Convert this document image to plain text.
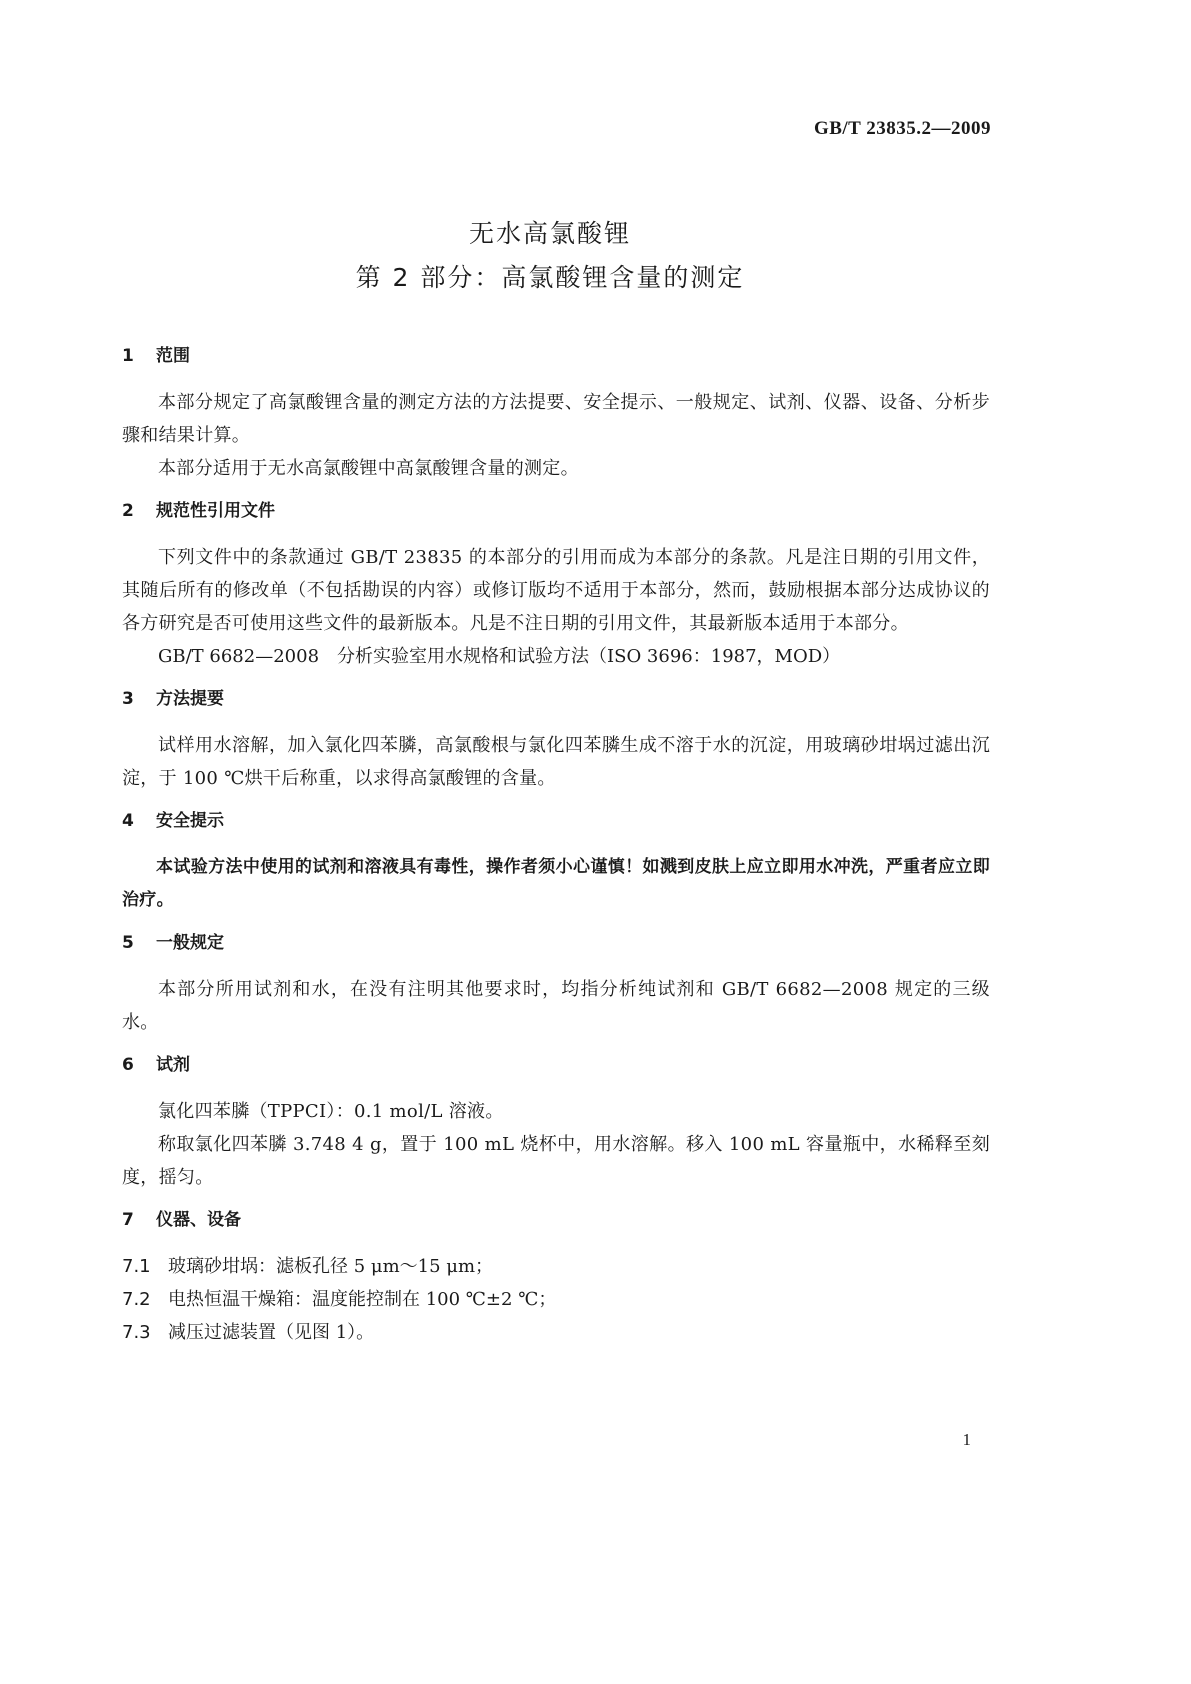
GB/T 23835.2—2009
无水高氯酸锂
第 2 部分：高氯酸锂含量的测定
1 范围

本部分规定了高氯酸锂含量的测定方法的方法提要、安全提示、一般规定、试剂、仪器、设备、分析步骤和结果计算。

本部分适用于无水高氯酸锂中高氯酸锂含量的测定。

2 规范性引用文件

下列文件中的条款通过 GB/T 23835 的本部分的引用而成为本部分的条款。凡是注日期的引用文件，其随后所有的修改单（不包括勘误的内容）或修订版均不适用于本部分，然而，鼓励根据本部分达成协议的各方研究是否可使用这些文件的最新版本。凡是不注日期的引用文件，其最新版本适用于本部分。

GB/T 6682—2008　分析实验室用水规格和试验方法（ISO 3696：1987，MOD）

3 方法提要

试样用水溶解，加入氯化四苯膦，高氯酸根与氯化四苯膦生成不溶于水的沉淀，用玻璃砂坩埚过滤出沉淀，于 100 ℃烘干后称重，以求得高氯酸锂的含量。

4 安全提示

本试验方法中使用的试剂和溶液具有毒性，操作者须小心谨慎！如溅到皮肤上应立即用水冲洗，严重者应立即治疗。

5 一般规定

本部分所用试剂和水，在没有注明其他要求时，均指分析纯试剂和 GB/T 6682—2008 规定的三级水。

6 试剂

氯化四苯膦（TPPCI）：0.1 mol/L 溶液。

称取氯化四苯膦 3.748 4 g，置于 100 mL 烧杯中，用水溶解。移入 100 mL 容量瓶中，水稀释至刻度，摇匀。

7 仪器、设备

7.1 玻璃砂坩埚：滤板孔径 5 μm～15 μm；

7.2 电热恒温干燥箱：温度能控制在 100 ℃±2 ℃；

7.3 减压过滤装置（见图 1）。

1
